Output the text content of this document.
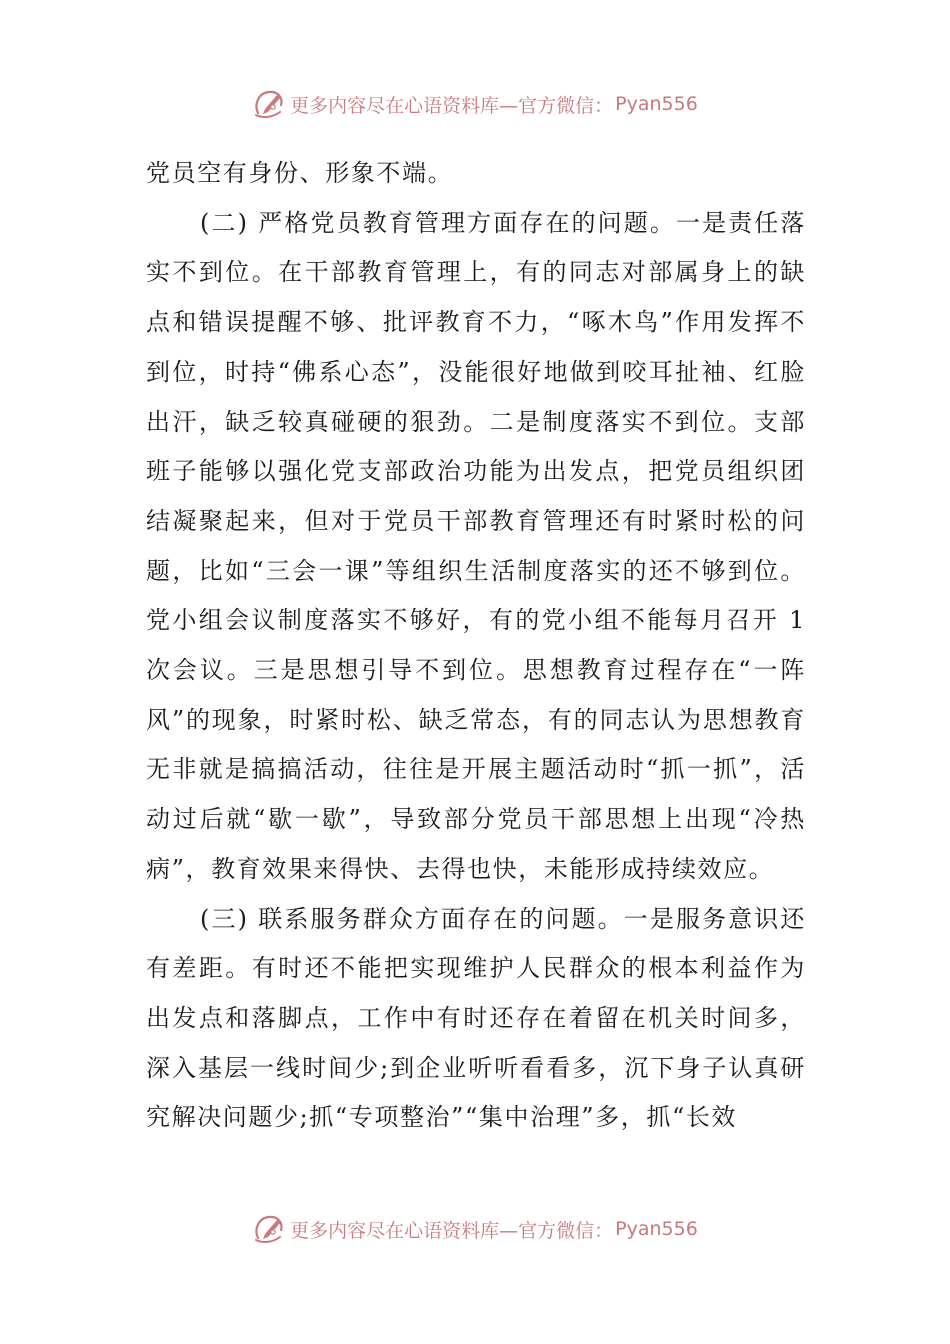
更多内容尽在心语资料库—官方微信： Pyan556

党员空有身份、形象不端。

(二) 严格党员教育管理方面存在的问题。一是责任落实不到位。在干部教育管理上，有的同志对部属身上的缺点和错误提醒不够、批评教育不力，“啄木鸟”作用发挥不到位，时持“佛系心态”，没能很好地做到咬耳扯袖、红脸出汗，缺乏较真碰硬的狠劲。二是制度落实不到位。支部班子能够以强化党支部政治功能为出发点，把党员组织团结凝聚起来，但对于党员干部教育管理还有时紧时松的问题，比如“三会一课”等组织生活制度落实的还不够到位。党小组会议制度落实不够好，有的党小组不能每月召开 1 次会议。三是思想引导不到位。思想教育过程存在“一阵风”的现象，时紧时松、缺乏常态，有的同志认为思想教育无非就是搞搞活动，往往是开展主题活动时“抓一抓”，活动过后就“歇一歇”，导致部分党员干部思想上出现“冷热病”，教育效果来得快、去得也快，未能形成持续效应。

(三) 联系服务群众方面存在的问题。一是服务意识还有差距。有时还不能把实现维护人民群众的根本利益作为出发点和落脚点，工作中有时还存在着留在机关时间多，深入基层一线时间少;到企业听听看看多，沉下身子认真研究解决问题少;抓“专项整治”“集中治理”多，抓“长效

更多内容尽在心语资料库—官方微信： Pyan556
